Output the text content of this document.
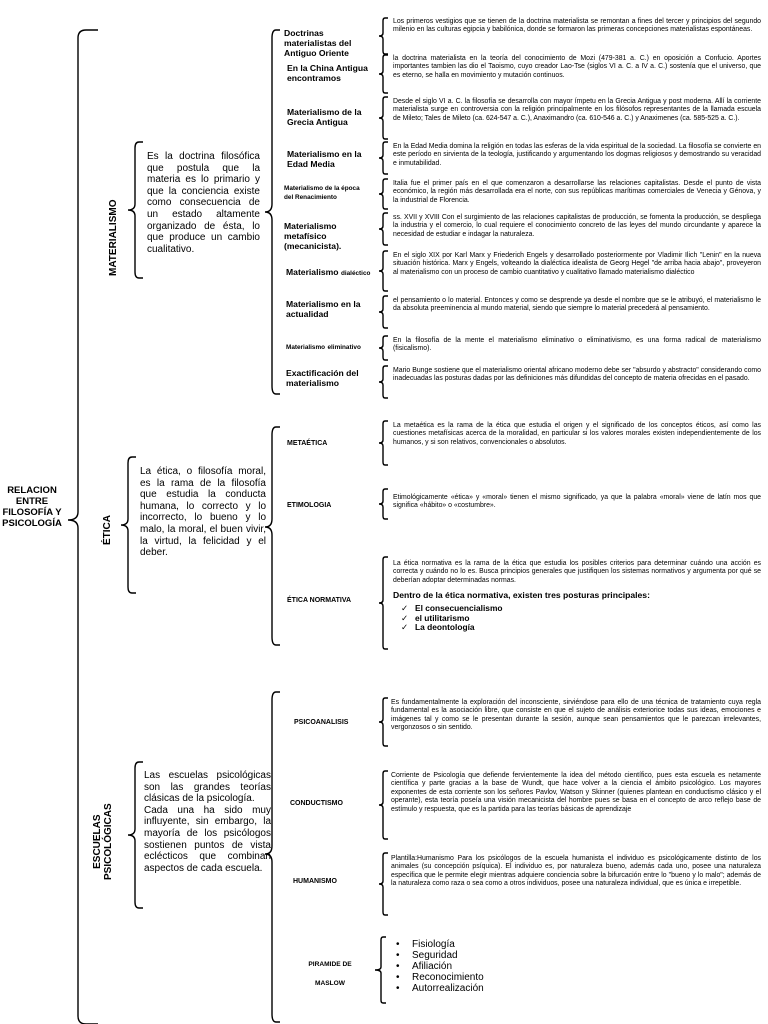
RELACION ENTRE FILOSOFÍA Y PSICOLOGÍA
MATERIALISMO
Es la doctrina filosófica que postula que la materia es lo primario y que la conciencia existe como consecuencia de un estado altamente organizado de ésta, lo que produce un cambio cualitativo.
Doctrinas materialistas del Antiguo Oriente
Los primeros vestigios que se tienen de la doctrina materialista se remontan a fines del tercer y principios del segundo milenio en las culturas egipcia y babilónica, donde se formaron las primeras concepciones materialistas espontáneas.
En la China Antigua encontramos
la doctrina materialista en la teoría del conocimiento de Mozi (479-381 a. C.) en oposición a Confucio. Aportes importantes tambien las dio el Taoismo, cuyo creador Lao-Tse (siglos VI a. C. a IV a. C.) sostenía que el universo, que es eterno, se halla en movimiento y mutación continuos.
Materialismo de la Grecia Antigua
Desde el siglo VI a. C. la filosofía se desarrolla con mayor ímpetu en la Grecia Antigua y post moderna. Allí la corriente materialista surge en controversia con la religión principalmente en los filósofos representantes de la llamada escuela de Mileto; Tales de Mileto (ca. 624-547 a. C.), Anaximandro (ca. 610-546 a. C.) y Anaximenes (ca. 585-525 a. C.).
Materialismo en la Edad Media
En la Edad Media domina la religión en todas las esferas de la vida espiritual de la sociedad. La filosofía se convierte en este período en sirvienta de la teología, justificando y argumentando los dogmas religiosos y demostrando su veracidad e inmutabilidad.
Materialismo de la época del Renacimiento
Italia fue el primer país en el que comenzaron a desarrollarse las relaciones capitalistas. Desde el punto de vista económico, la región más desarrollada era el norte, con sus repúblicas marítimas comerciales de Venecia y Génova, y la industrial de Florencia.
Materialismo metafísico (mecanicista).
ss. XVII y XVIII Con el surgimiento de las relaciones capitalistas de producción, se fomenta la producción, se despliega la industria y el comercio, lo cual requiere el conocimiento concreto de las leyes del mundo circundante y aparece la necesidad de estudiar e indagar la naturaleza.
Materialismo dialéctico
En el siglo XIX por Karl Marx y Friederich Engels y desarrollado posteriormente por Vladimir Ilich "Lenin" en la nueva situación histórica. Marx y Engels, volteando la dialéctica idealista de Georg Hegel "de arriba hacia abajo", proveyeron al materialismo con un proceso de cambio cuantitativo y cualitativo llamado materialismo dialéctico
Materialismo en la actualidad
el pensamiento o lo material. Entonces y como se desprende ya desde el nombre que se le atribuyó, el materialismo le da absoluta preeminencia al mundo material, siendo que siempre lo material precederá al pensamiento.
Materialismo eliminativo
En la filosofía de la mente el materialismo eliminativo o eliminativismo, es una forma radical de materialismo (fisicalismo).
Exactificación del materialismo
Mario Bunge sostiene que el materialismo oriental africano moderno debe ser "absurdo y abstracto" considerando como inadecuadas las posturas dadas por las definiciones más difundidas del concepto de materia ofrecidas en el pasado.
ÉTICA
La ética, o filosofía moral, es la rama de la filosofía que estudia la conducta humana, lo correcto y lo incorrecto, lo bueno y lo malo, la moral, el buen vivir, la virtud, la felicidad y el deber.
METAÉTICA
La metaética es la rama de la ética que estudia el origen y el significado de los conceptos éticos, así como las cuestiones metafísicas acerca de la moralidad, en particular si los valores morales existen independientemente de los humanos, y si son relativos, convencionales o absolutos.
ETIMOLOGIA
Etimológicamente «ética» y «moral» tienen el mismo significado, ya que la palabra «moral» viene de latín mos que significa «hábito» o «costumbre».
ÉTICA NORMATIVA
La ética normativa es la rama de la ética que estudia los posibles criterios para determinar cuándo una acción es correcta y cuándo no lo es. Busca principios generales que justifiquen los sistemas normativos y argumenta por qué se deberían adoptar determinadas normas.
Dentro de la ética normativa, existen tres posturas principales:
✓ El consecuencialismo
✓ el utilitarismo
✓ La deontología
ESCUELAS PSICOLÓGICAS
Las escuelas psicológicas son las grandes teorías clásicas de la psicología.
Cada una ha sido muy influyente, sin embargo, la mayoría de los psicólogos sostienen puntos de vista eclécticos que combinan aspectos de cada escuela.
PSICOANALISIS
Es fundamentalmente la exploración del inconsciente, sirviéndose para ello de una técnica de tratamiento cuya regla fundamental es la asociación libre, que consiste en que el sujeto de análisis exteriorice todas sus ideas, emociones e imágenes tal y como se le presentan durante la sesión, aunque sean pensamientos que le parezcan irrelevantes, vergonzosos o sin sentido.
CONDUCTISMO
Corriente de Psicología que defiende fervientemente la idea del método científico, pues esta escuela es netamente científica y parte gracias a la base de Wundt, que hace volver a la ciencia el ámbito psicológico. Los mayores exponentes de esta corriente son los señores Pavlov, Watson y Skinner (quienes plantean en conductismo clásico y el operante), esta teoría poseía una visión mecanicista del hombre pues se basa en el concepto de arco reflejo base de estímulo y respuesta, que es la partida para las teorías básicas de aprendizaje
HUMANISMO
Plantilla:Humanismo Para los psicólogos de la escuela humanista el individuo es psicológicamente distinto de los animales (su concepción psíquica). El individuo es, por naturaleza bueno, además cada uno, posee una naturaleza específica que le permite elegir mientras adquiere conciencia sobre la bifurcación entre lo "bueno y lo malo"; además de la naturaleza como raza o sea como a otros individuos, posee una naturaleza individual, que es única e irrepetible.
PIRAMIDE DE
MASLOW
• Fisiología
• Seguridad
• Afiliación
• Reconocimiento
• Autorrealización
